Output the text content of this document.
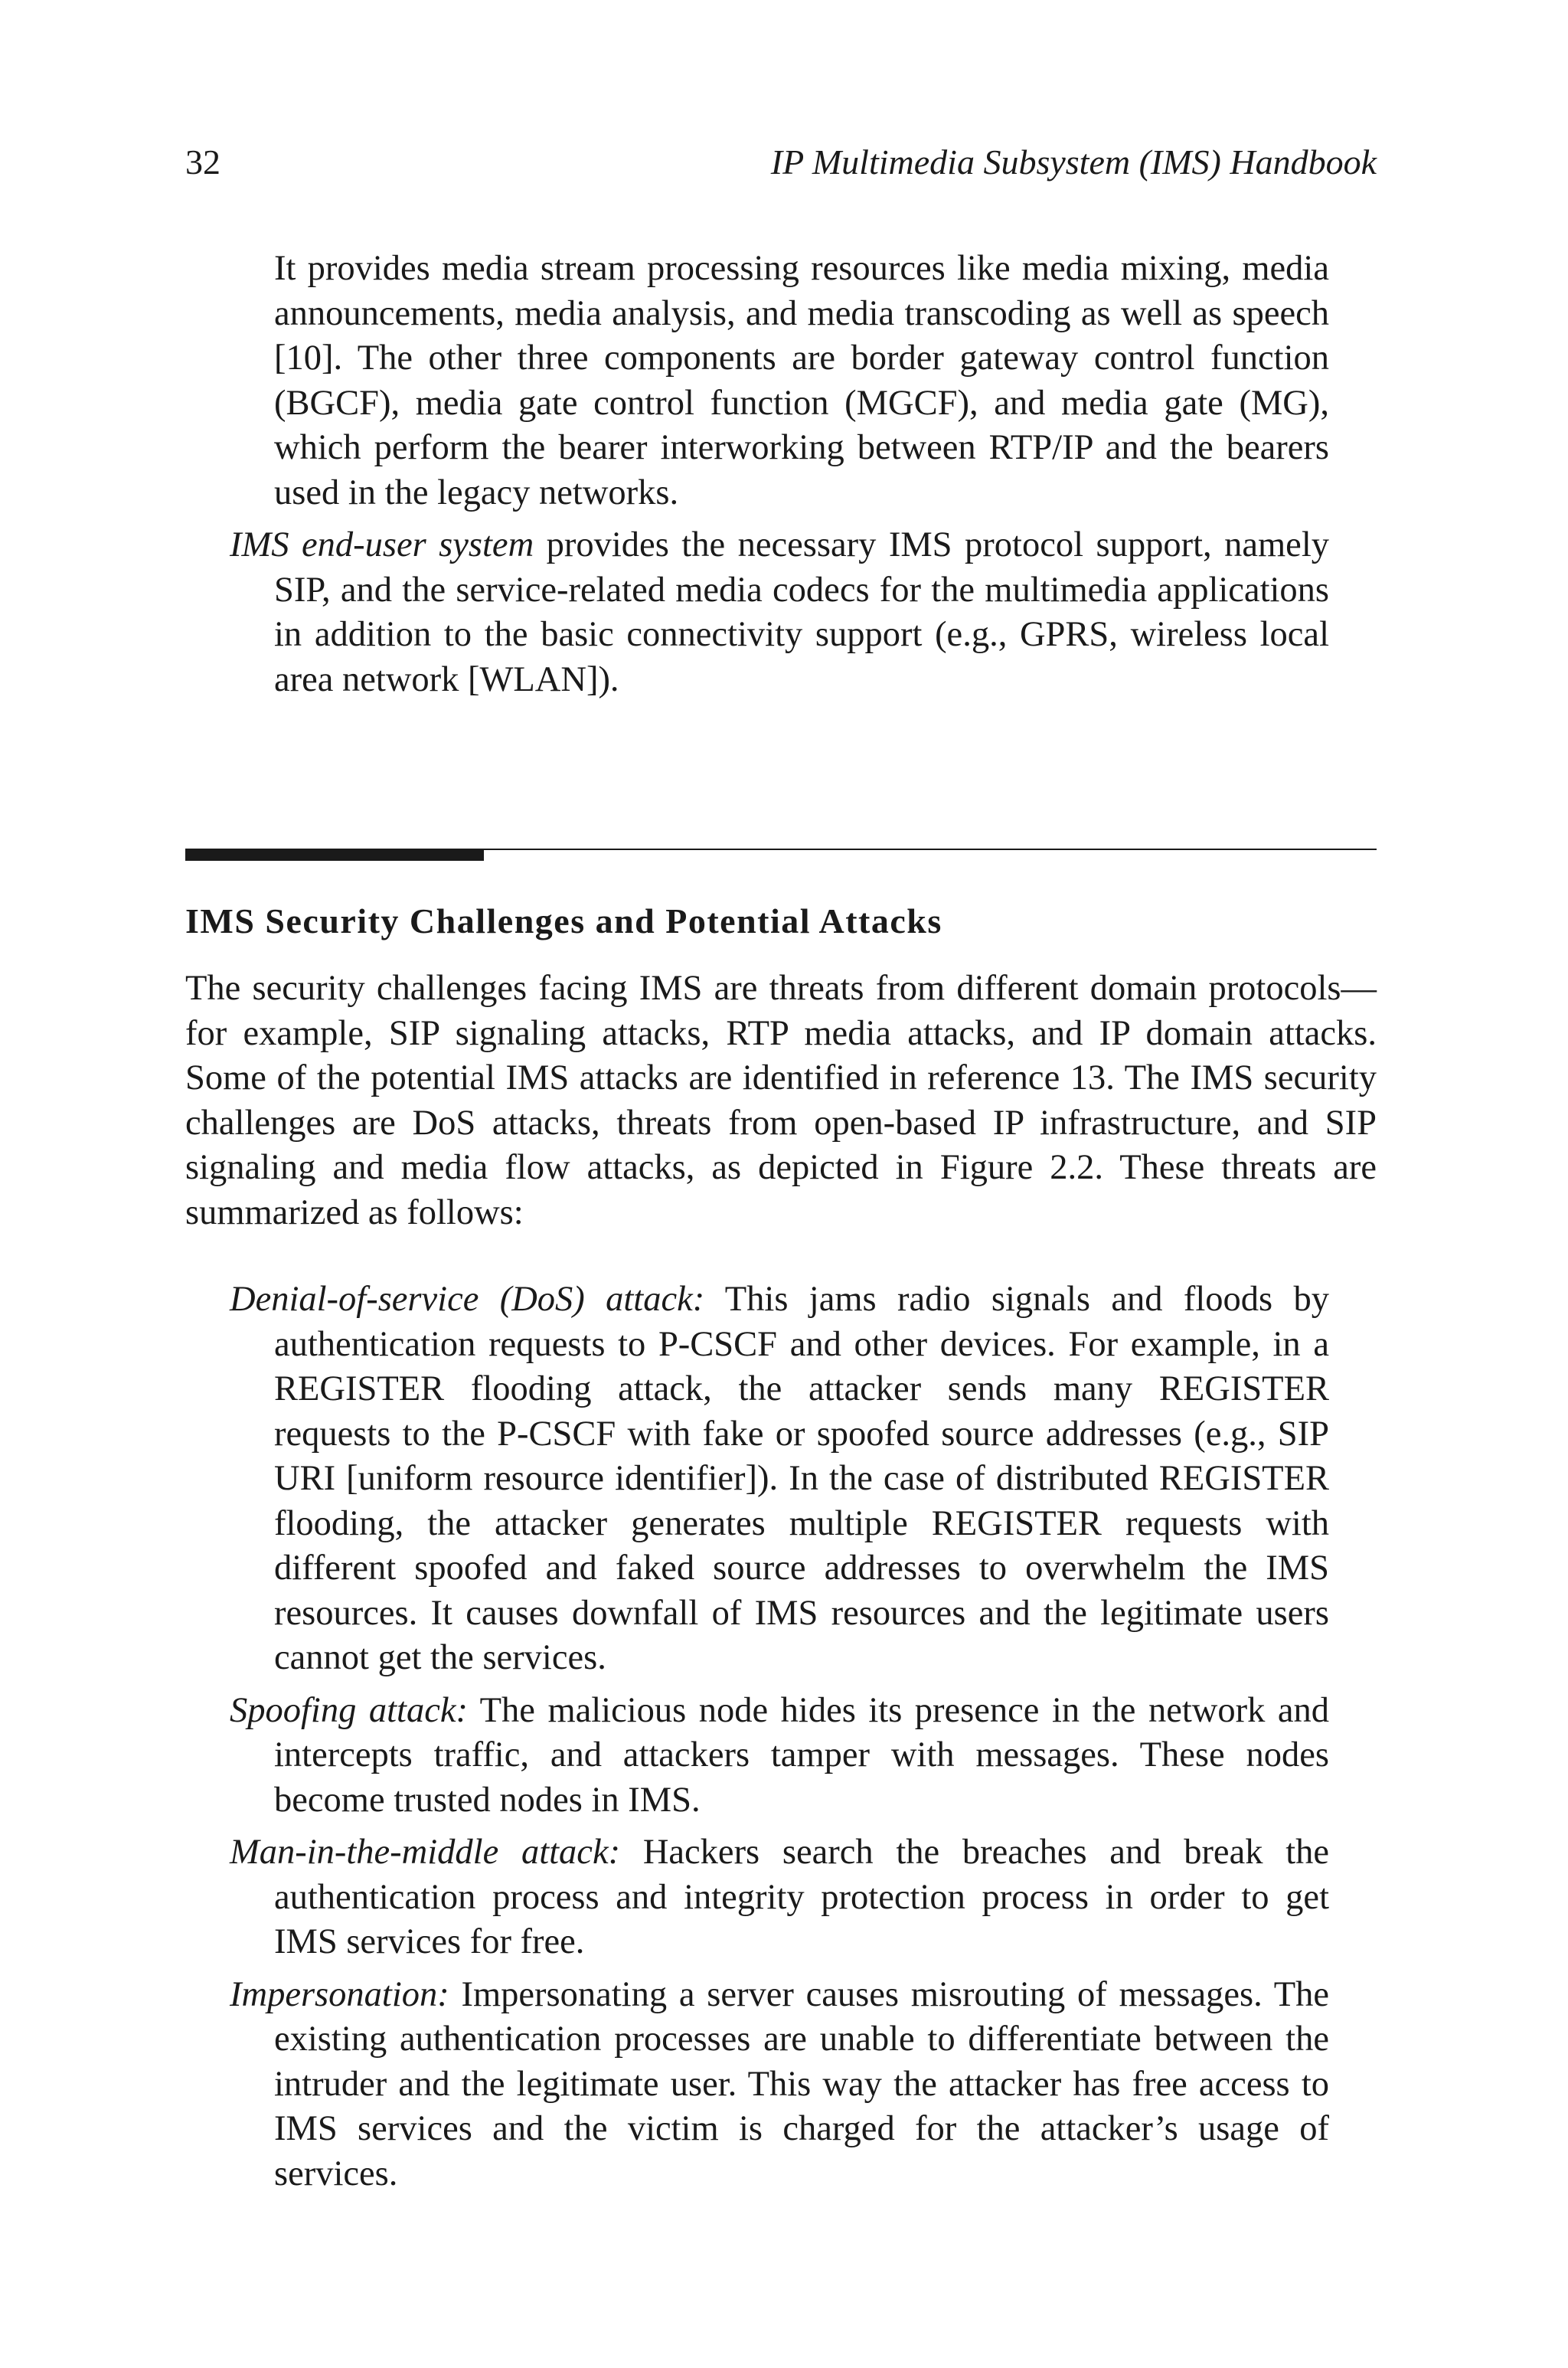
32	IP Multimedia Subsystem (IMS) Handbook

It provides media stream processing resources like media mixing, media announcements, media analysis, and media transcoding as well as speech [10]. The other three components are border gateway control function (BGCF), media gate control function (MGCF), and media gate (MG), which perform the bearer interworking between RTP/IP and the bearers used in the legacy networks.

IMS end-user system provides the necessary IMS protocol support, namely SIP, and the service-related media codecs for the multimedia applications in addition to the basic connectivity support (e.g., GPRS, wireless local area network [WLAN]).

IMS Security Challenges and Potential Attacks

The security challenges facing IMS are threats from different domain protocols—for example, SIP signaling attacks, RTP media attacks, and IP domain attacks. Some of the potential IMS attacks are identified in reference 13. The IMS security challenges are DoS attacks, threats from open-based IP infrastructure, and SIP signaling and media flow attacks, as depicted in Figure 2.2. These threats are summarized as follows:

Denial-of-service (DoS) attack: This jams radio signals and floods by authentication requests to P-CSCF and other devices. For example, in a REGISTER flooding attack, the attacker sends many REGISTER requests to the P-CSCF with fake or spoofed source addresses (e.g., SIP URI [uniform resource identifier]). In the case of distributed REGISTER flooding, the attacker generates multiple REGISTER requests with different spoofed and faked source addresses to overwhelm the IMS resources. It causes downfall of IMS resources and the legitimate users cannot get the services.

Spoofing attack: The malicious node hides its presence in the network and intercepts traffic, and attackers tamper with messages. These nodes become trusted nodes in IMS.

Man-in-the-middle attack: Hackers search the breaches and break the authentication process and integrity protection process in order to get IMS services for free.

Impersonation: Impersonating a server causes misrouting of messages. The existing authentication processes are unable to differentiate between the intruder and the legitimate user. This way the attacker has free access to IMS services and the victim is charged for the attacker’s usage of services.
